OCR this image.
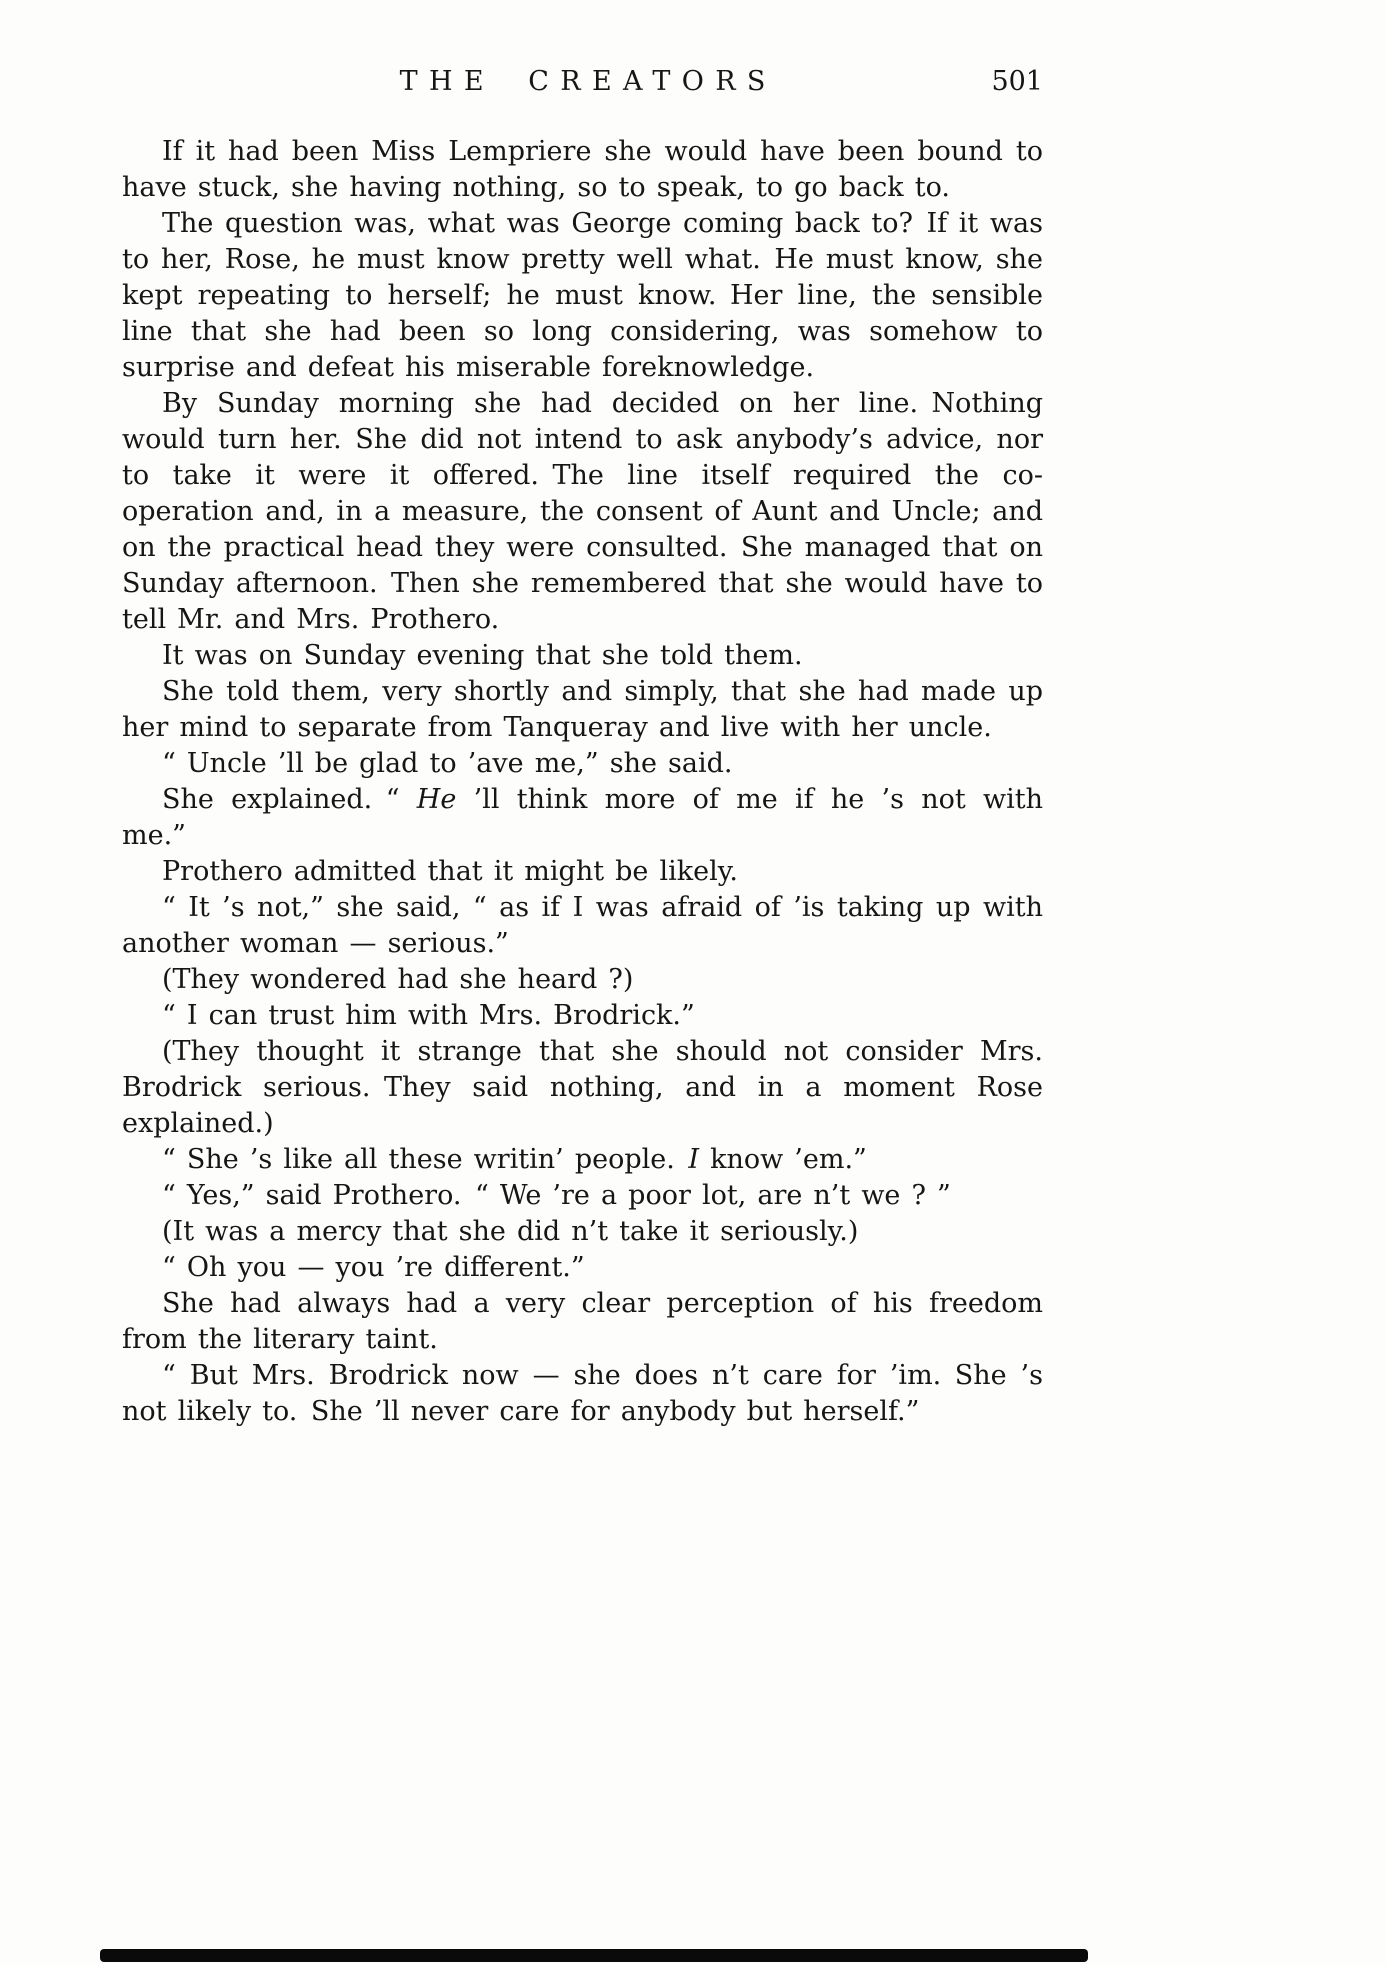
THE CREATORS	501

If it had been Miss Lempriere she would have been bound to have stuck, she having nothing, so to speak, to go back to.

The question was, what was George coming back to? If it was to her, Rose, he must know pretty well what. He must know, she kept repeating to herself; he must know. Her line, the sensible line that she had been so long considering, was somehow to surprise and defeat his miserable foreknowledge.

By Sunday morning she had decided on her line. Nothing would turn her. She did not intend to ask anybody’s advice, nor to take it were it offered. The line itself required the co-operation and, in a measure, the consent of Aunt and Uncle; and on the practical head they were consulted. She managed that on Sunday afternoon. Then she remembered that she would have to tell Mr. and Mrs. Prothero.

It was on Sunday evening that she told them.

She told them, very shortly and simply, that she had made up her mind to separate from Tanqueray and live with her uncle.

“ Uncle ’ll be glad to ’ave me,” she said.

She explained. “ He ’ll think more of me if he ’s not with me.”

Prothero admitted that it might be likely.

“ It ’s not,” she said, “ as if I was afraid of ’is taking up with another woman — serious.”

(They wondered had she heard ?)

“ I can trust him with Mrs. Brodrick.”

(They thought it strange that she should not consider Mrs. Brodrick serious. They said nothing, and in a moment Rose explained.)

“ She ’s like all these writin’ people. I know ’em.”

“ Yes,” said Prothero. “ We ’re a poor lot, are n’t we ? ”

(It was a mercy that she did n’t take it seriously.)

“ Oh you — you ’re different.”

She had always had a very clear perception of his freedom from the literary taint.

“ But Mrs. Brodrick now — she does n’t care for ’im. She ’s not likely to. She ’ll never care for anybody but herself.”
